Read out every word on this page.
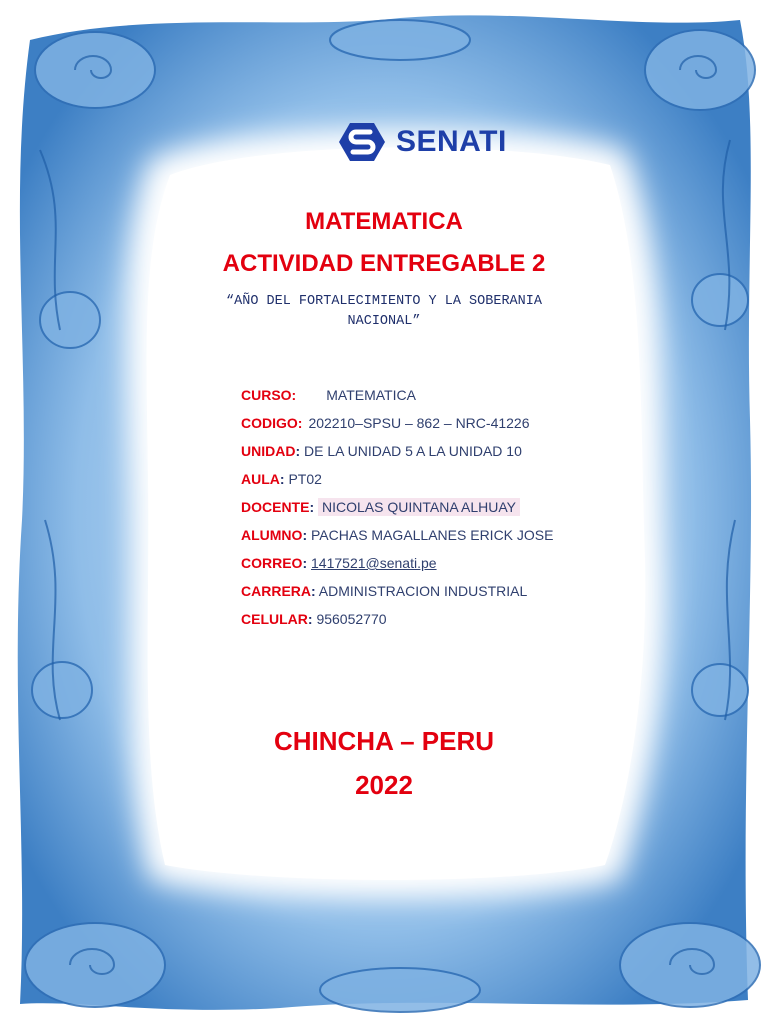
SENATI
MATEMATICA
ACTIVIDAD ENTREGABLE 2
“AÑO DEL FORTALECIMIENTO Y LA SOBERANIA
NACIONAL”
CURSO: MATEMATICA
CODIGO: 202210–SPSU – 862 – NRC-41226
UNIDAD: DE LA UNIDAD 5 A LA UNIDAD 10
AULA: PT02
DOCENTE: NICOLAS QUINTANA ALHUAY
ALUMNO: PACHAS MAGALLANES ERICK JOSE
CORREO: 1417521@senati.pe
CARRERA: ADMINISTRACION INDUSTRIAL
CELULAR: 956052770
CHINCHA – PERU
2022
